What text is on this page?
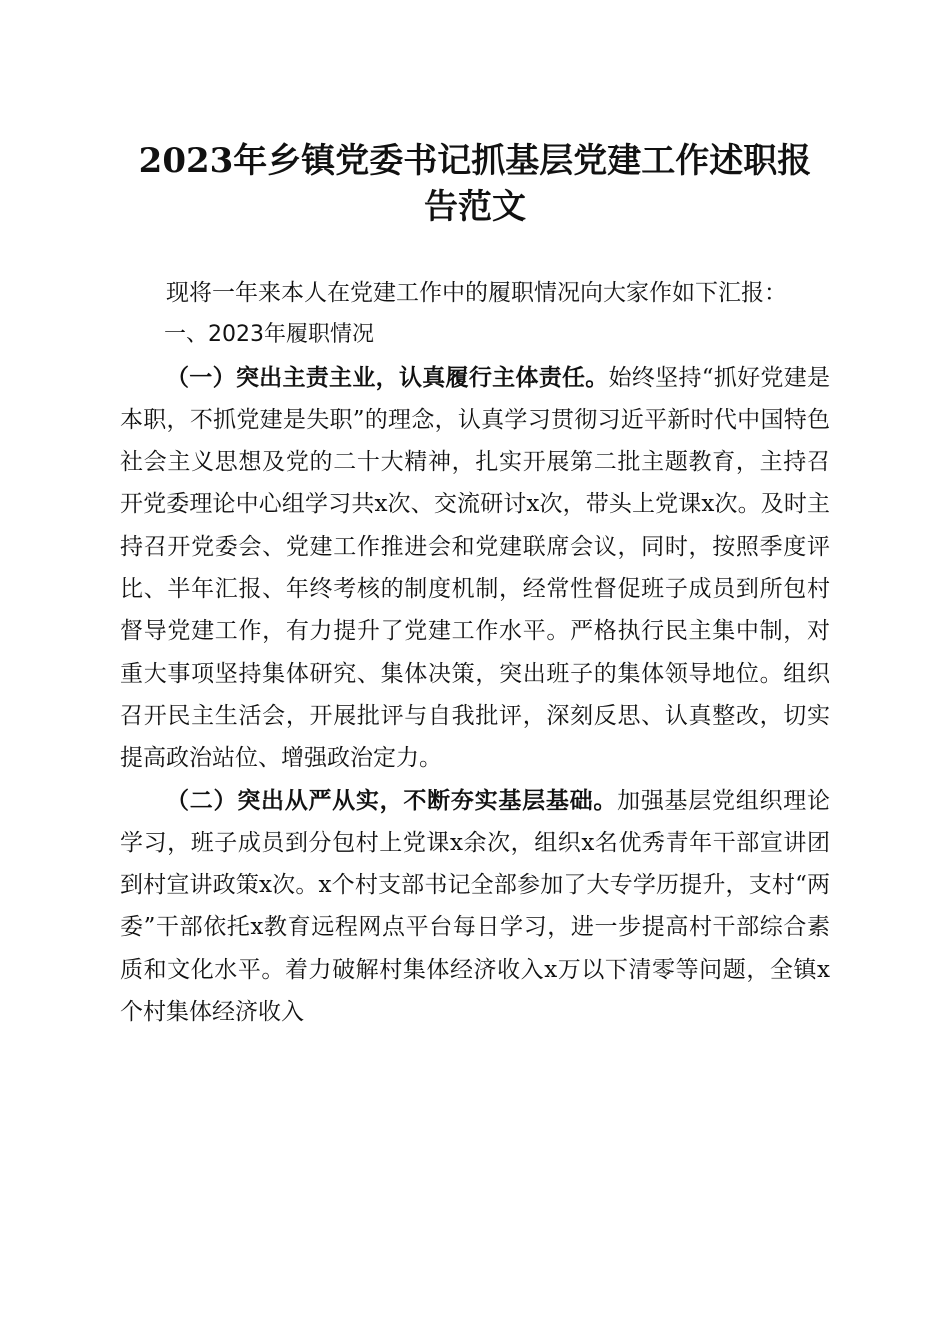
2023年乡镇党委书记抓基层党建工作述职报
告范文

现将一年来本人在党建工作中的履职情况向大家作如下汇报：

一、2023年履职情况

（一）突出主责主业，认真履行主体责任。始终坚持“抓好党建是本职，不抓党建是失职”的理念，认真学习贯彻习近平新时代中国特色社会主义思想及党的二十大精神，扎实开展第二批主题教育，主持召开党委理论中心组学习共x次、交流研讨x次，带头上党课x次。及时主持召开党委会、党建工作推进会和党建联席会议，同时，按照季度评比、半年汇报、年终考核的制度机制，经常性督促班子成员到所包村督导党建工作，有力提升了党建工作水平。严格执行民主集中制，对重大事项坚持集体研究、集体决策，突出班子的集体领导地位。组织召开民主生活会，开展批评与自我批评，深刻反思、认真整改，切实提高政治站位、增强政治定力。

（二）突出从严从实，不断夯实基层基础。加强基层党组织理论学习，班子成员到分包村上党课x余次，组织x名优秀青年干部宣讲团到村宣讲政策x次。x个村支部书记全部参加了大专学历提升，支村“两委”干部依托x教育远程网点平台每日学习，进一步提高村干部综合素质和文化水平。着力破解村集体经济收入x万以下清零等问题，全镇x个村集体经济收入
